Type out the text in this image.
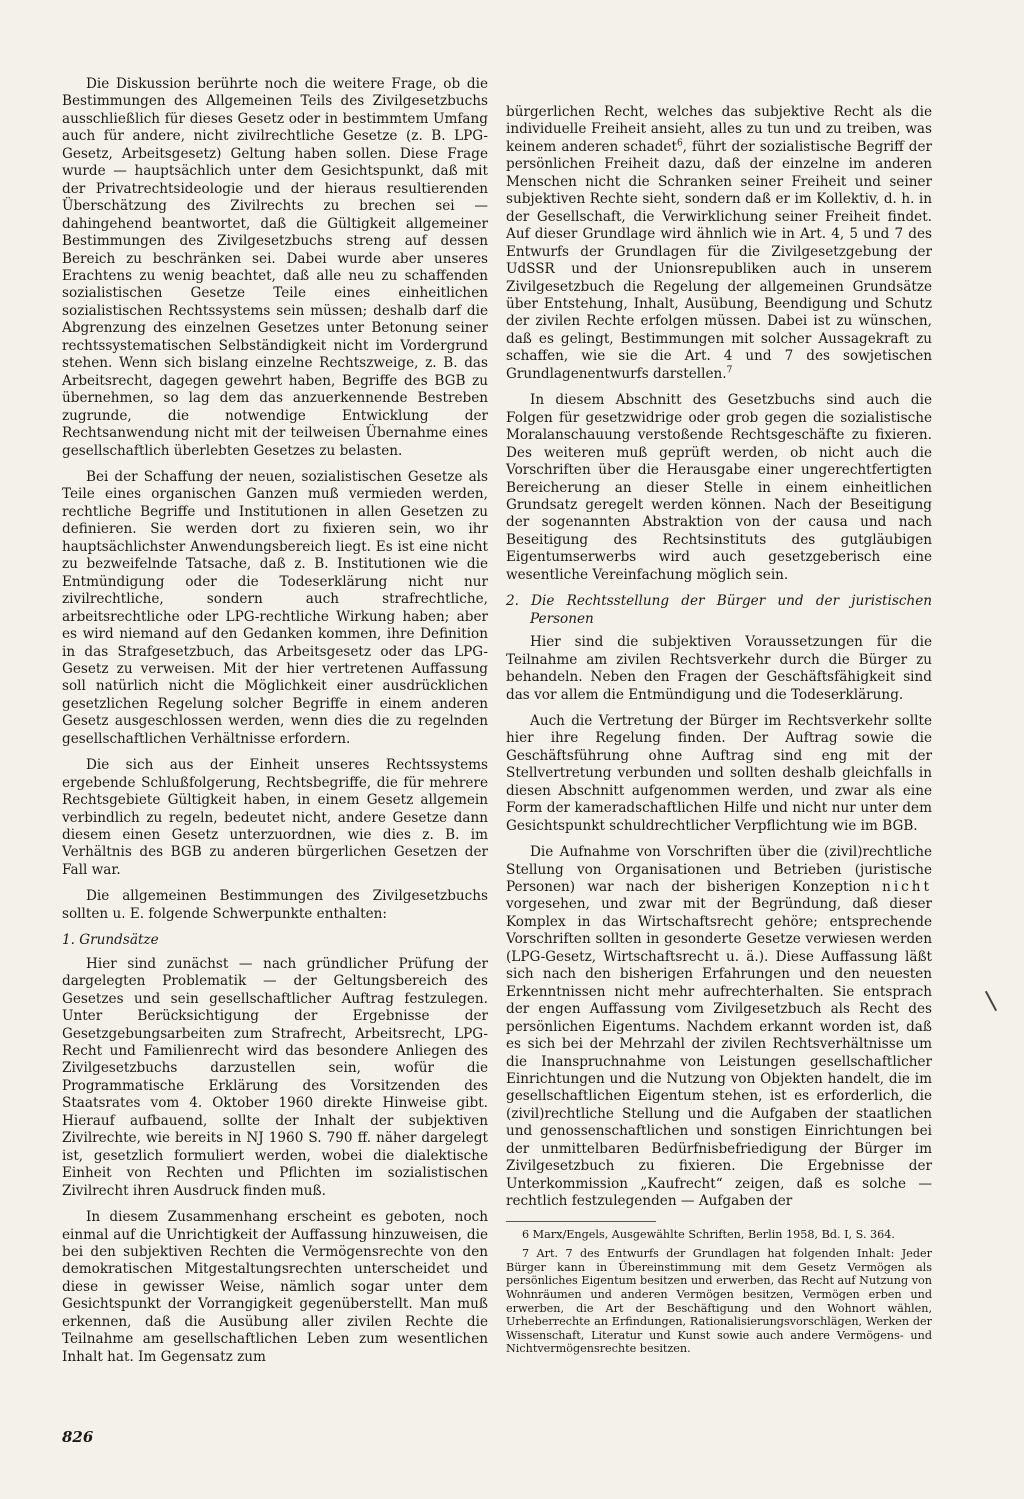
Die Diskussion berührte noch die weitere Frage, ob die Bestimmungen des Allgemeinen Teils des Zivilgesetzbuchs ausschließlich für dieses Gesetz oder in bestimmtem Umfang auch für andere, nicht zivilrechtliche Gesetze (z. B. LPG-Gesetz, Arbeitsgesetz) Geltung haben sollen. Diese Frage wurde — hauptsächlich unter dem Gesichtspunkt, daß mit der Privatrechtsideologie und der hieraus resultierenden Überschätzung des Zivilrechts zu brechen sei — dahingehend beantwortet, daß die Gültigkeit allgemeiner Bestimmungen des Zivilgesetzbuchs streng auf dessen Bereich zu beschränken sei. Dabei wurde aber unseres Erachtens zu wenig beachtet, daß alle neu zu schaffenden sozialistischen Gesetze Teile eines einheitlichen sozialistischen Rechtssystems sein müssen; deshalb darf die Abgrenzung des einzelnen Gesetzes unter Betonung seiner rechtssystematischen Selbständigkeit nicht im Vordergrund stehen. Wenn sich bislang einzelne Rechtszweige, z. B. das Arbeitsrecht, dagegen gewehrt haben, Begriffe des BGB zu übernehmen, so lag dem das anzuerkennende Bestreben zugrunde, die notwendige Entwicklung der Rechtsanwendung nicht mit der teilweisen Übernahme eines gesellschaftlich überlebten Gesetzes zu belasten.

Bei der Schaffung der neuen, sozialistischen Gesetze als Teile eines organischen Ganzen muß vermieden werden, rechtliche Begriffe und Institutionen in allen Gesetzen zu definieren. Sie werden dort zu fixieren sein, wo ihr hauptsächlichster Anwendungsbereich liegt. Es ist eine nicht zu bezweifelnde Tatsache, daß z. B. Institutionen wie die Entmündigung oder die Todeserklärung nicht nur zivilrechtliche, sondern auch strafrechtliche, arbeitsrechtliche oder LPG-rechtliche Wirkung haben; aber es wird niemand auf den Gedanken kommen, ihre Definition in das Strafgesetzbuch, das Arbeitsgesetz oder das LPG-Gesetz zu verweisen. Mit der hier vertretenen Auffassung soll natürlich nicht die Möglichkeit einer ausdrücklichen gesetzlichen Regelung solcher Begriffe in einem anderen Gesetz ausgeschlossen werden, wenn dies die zu regelnden gesellschaftlichen Verhältnisse erfordern.

Die sich aus der Einheit unseres Rechtssystems ergebende Schlußfolgerung, Rechtsbegriffe, die für mehrere Rechtsgebiete Gültigkeit haben, in einem Gesetz allgemein verbindlich zu regeln, bedeutet nicht, andere Gesetze dann diesem einen Gesetz unterzuordnen, wie dies z. B. im Verhältnis des BGB zu anderen bürgerlichen Gesetzen der Fall war.

Die allgemeinen Bestimmungen des Zivilgesetzbuchs sollten u. E. folgende Schwerpunkte enthalten:

1. Grundsätze

Hier sind zunächst — nach gründlicher Prüfung der dargelegten Problematik — der Geltungsbereich des Gesetzes und sein gesellschaftlicher Auftrag festzulegen. Unter Berücksichtigung der Ergebnisse der Gesetzgebungsarbeiten zum Strafrecht, Arbeitsrecht, LPG-Recht und Familienrecht wird das besondere Anliegen des Zivilgesetzbuchs darzustellen sein, wofür die Programmatische Erklärung des Vorsitzenden des Staatsrates vom 4. Oktober 1960 direkte Hinweise gibt. Hierauf aufbauend, sollte der Inhalt der subjektiven Zivilrechte, wie bereits in NJ 1960 S. 790 ff. näher dargelegt ist, gesetzlich formuliert werden, wobei die dialektische Einheit von Rechten und Pflichten im sozialistischen Zivilrecht ihren Ausdruck finden muß.

In diesem Zusammenhang erscheint es geboten, noch einmal auf die Unrichtigkeit der Auffassung hinzuweisen, die bei den subjektiven Rechten die Vermögensrechte von den demokratischen Mitgestaltungsrechten unterscheidet und diese in gewisser Weise, nämlich sogar unter dem Gesichtspunkt der Vorrangigkeit gegenüberstellt. Man muß erkennen, daß die Ausübung aller zivilen Rechte die Teilnahme am gesellschaftlichen Leben zum wesentlichen Inhalt hat. Im Gegensatz zum

bürgerlichen Recht, welches das subjektive Recht als die individuelle Freiheit ansieht, alles zu tun und zu treiben, was keinem anderen schadet$^6$, führt der sozialistische Begriff der persönlichen Freiheit dazu, daß der einzelne im anderen Menschen nicht die Schranken seiner Freiheit und seiner subjektiven Rechte sieht, sondern daß er im Kollektiv, d. h. in der Gesellschaft, die Verwirklichung seiner Freiheit findet. Auf dieser Grundlage wird ähnlich wie in Art. 4, 5 und 7 des Entwurfs der Grundlagen für die Zivilgesetzgebung der UdSSR und der Unionsrepubliken auch in unserem Zivilgesetzbuch die Regelung der allgemeinen Grundsätze über Entstehung, Inhalt, Ausübung, Beendigung und Schutz der zivilen Rechte erfolgen müssen. Dabei ist zu wünschen, daß es gelingt, Bestimmungen mit solcher Aussagekraft zu schaffen, wie sie die Art. 4 und 7 des sowjetischen Grundlagenentwurfs darstellen.$^7$

In diesem Abschnitt des Gesetzbuchs sind auch die Folgen für gesetzwidrige oder grob gegen die sozialistische Moralanschauung verstoßende Rechtsgeschäfte zu fixieren. Des weiteren muß geprüft werden, ob nicht auch die Vorschriften über die Herausgabe einer ungerechtfertigten Bereicherung an dieser Stelle in einem einheitlichen Grundsatz geregelt werden können. Nach der Beseitigung der sogenannten Abstraktion von der causa und nach Beseitigung des Rechtsinstituts des gutgläubigen Eigentumserwerbs wird auch gesetzgeberisch eine wesentliche Vereinfachung möglich sein.

2. Die Rechtsstellung der Bürger und der juristischen Personen

Hier sind die subjektiven Voraussetzungen für die Teilnahme am zivilen Rechtsverkehr durch die Bürger zu behandeln. Neben den Fragen der Geschäftsfähigkeit sind das vor allem die Entmündigung und die Todeserklärung.

Auch die Vertretung der Bürger im Rechtsverkehr sollte hier ihre Regelung finden. Der Auftrag sowie die Geschäftsführung ohne Auftrag sind eng mit der Stellvertretung verbunden und sollten deshalb gleichfalls in diesen Abschnitt aufgenommen werden, und zwar als eine Form der kameradschaftlichen Hilfe und nicht nur unter dem Gesichtspunkt schuldrechtlicher Verpflichtung wie im BGB.

Die Aufnahme von Vorschriften über die (zivil)rechtliche Stellung von Organisationen und Betrieben (juristische Personen) war nach der bisherigen Konzeption nicht vorgesehen, und zwar mit der Begründung, daß dieser Komplex in das Wirtschaftsrecht gehöre; entsprechende Vorschriften sollten in gesonderte Gesetze verwiesen werden (LPG-Gesetz, Wirtschaftsrecht u. ä.). Diese Auffassung läßt sich nach den bisherigen Erfahrungen und den neuesten Erkenntnissen nicht mehr aufrechterhalten. Sie entsprach der engen Auffassung vom Zivilgesetzbuch als Recht des persönlichen Eigentums. Nachdem erkannt worden ist, daß es sich bei der Mehrzahl der zivilen Rechtsverhältnisse um die Inanspruchnahme von Leistungen gesellschaftlicher Einrichtungen und die Nutzung von Objekten handelt, die im gesellschaftlichen Eigentum stehen, ist es erforderlich, die (zivil)rechtliche Stellung und die Aufgaben der staatlichen und genossenschaftlichen und sonstigen Einrichtungen bei der unmittelbaren Bedürfnisbefriedigung der Bürger im Zivilgesetzbuch zu fixieren. Die Ergebnisse der Unterkommission „Kaufrecht“ zeigen, daß es solche — rechtlich festzulegenden — Aufgaben der

6 Marx/Engels, Ausgewählte Schriften, Berlin 1958, Bd. I, S. 364.

7 Art. 7 des Entwurfs der Grundlagen hat folgenden Inhalt: Jeder Bürger kann in Übereinstimmung mit dem Gesetz Vermögen als persönliches Eigentum besitzen und erwerben, das Recht auf Nutzung von Wohnräumen und anderen Vermögen besitzen, Vermögen erben und erwerben, die Art der Beschäftigung und den Wohnort wählen, Urheberrechte an Erfindungen, Rationalisierungsvorschlägen, Werken der Wissenschaft, Literatur und Kunst sowie auch andere Vermögens- und Nichtvermögensrechte besitzen.

826
